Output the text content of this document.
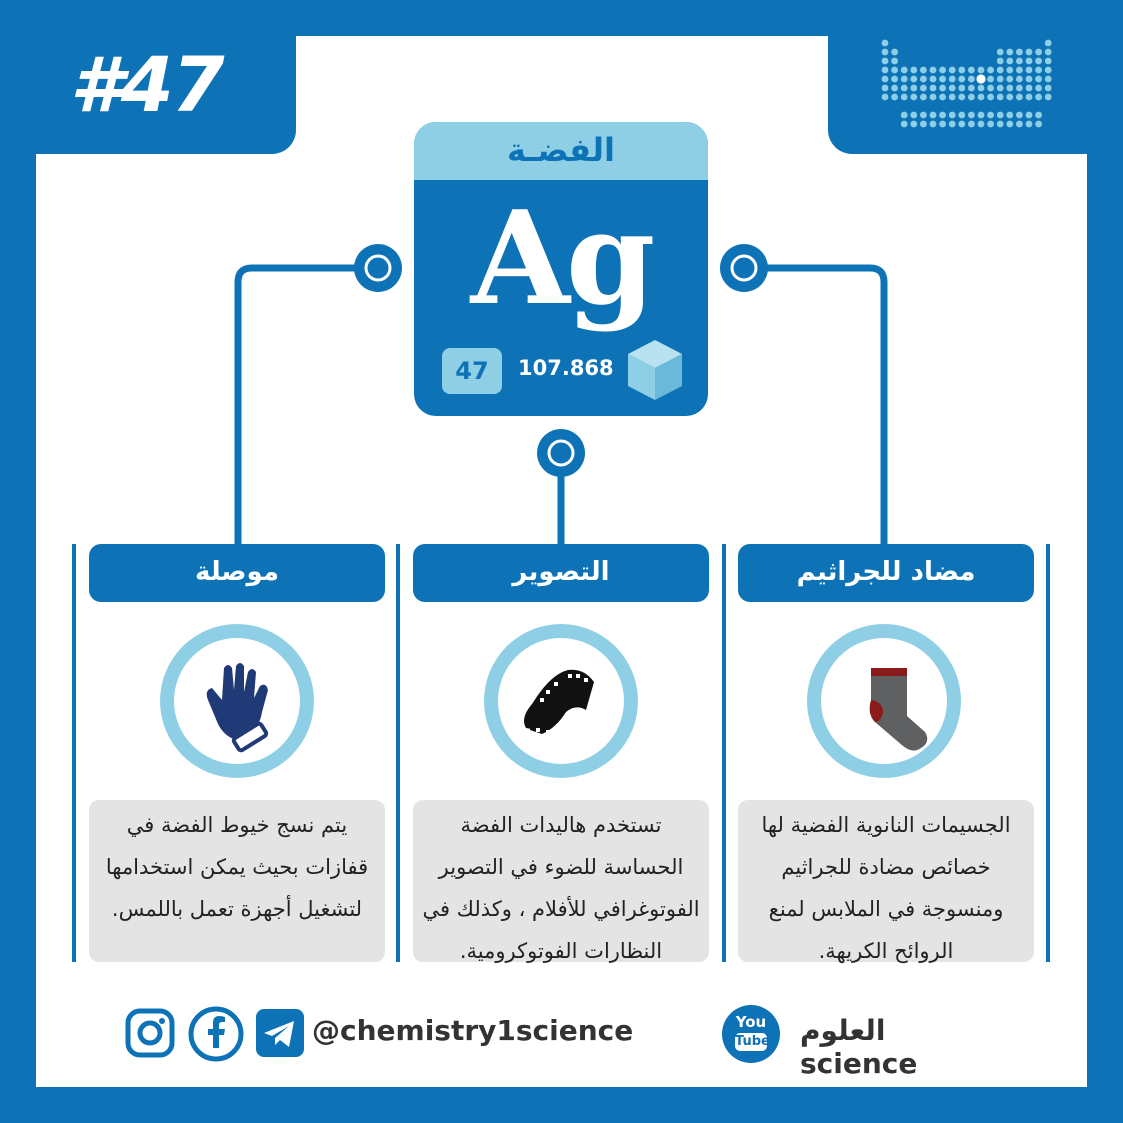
#47
الفضـة
Ag
47	107.868
موصلة
يتم نسج خيوط الفضة في قفازات بحيث يمكن استخدامها لتشغيل أجهزة تعمل باللمس.
التصوير
تستخدم هاليدات الفضة الحساسة للضوء في التصوير الفوتوغرافي للأفلام ، وكذلك في النظارات الفوتوكرومية.
مضاد للجراثيم
الجسيمات النانوية الفضية لها خصائص مضادة للجراثيم ومنسوجة في الملابس لمنع الروائح الكريهة.
@chemistry1science	You
Tube العلوم science
